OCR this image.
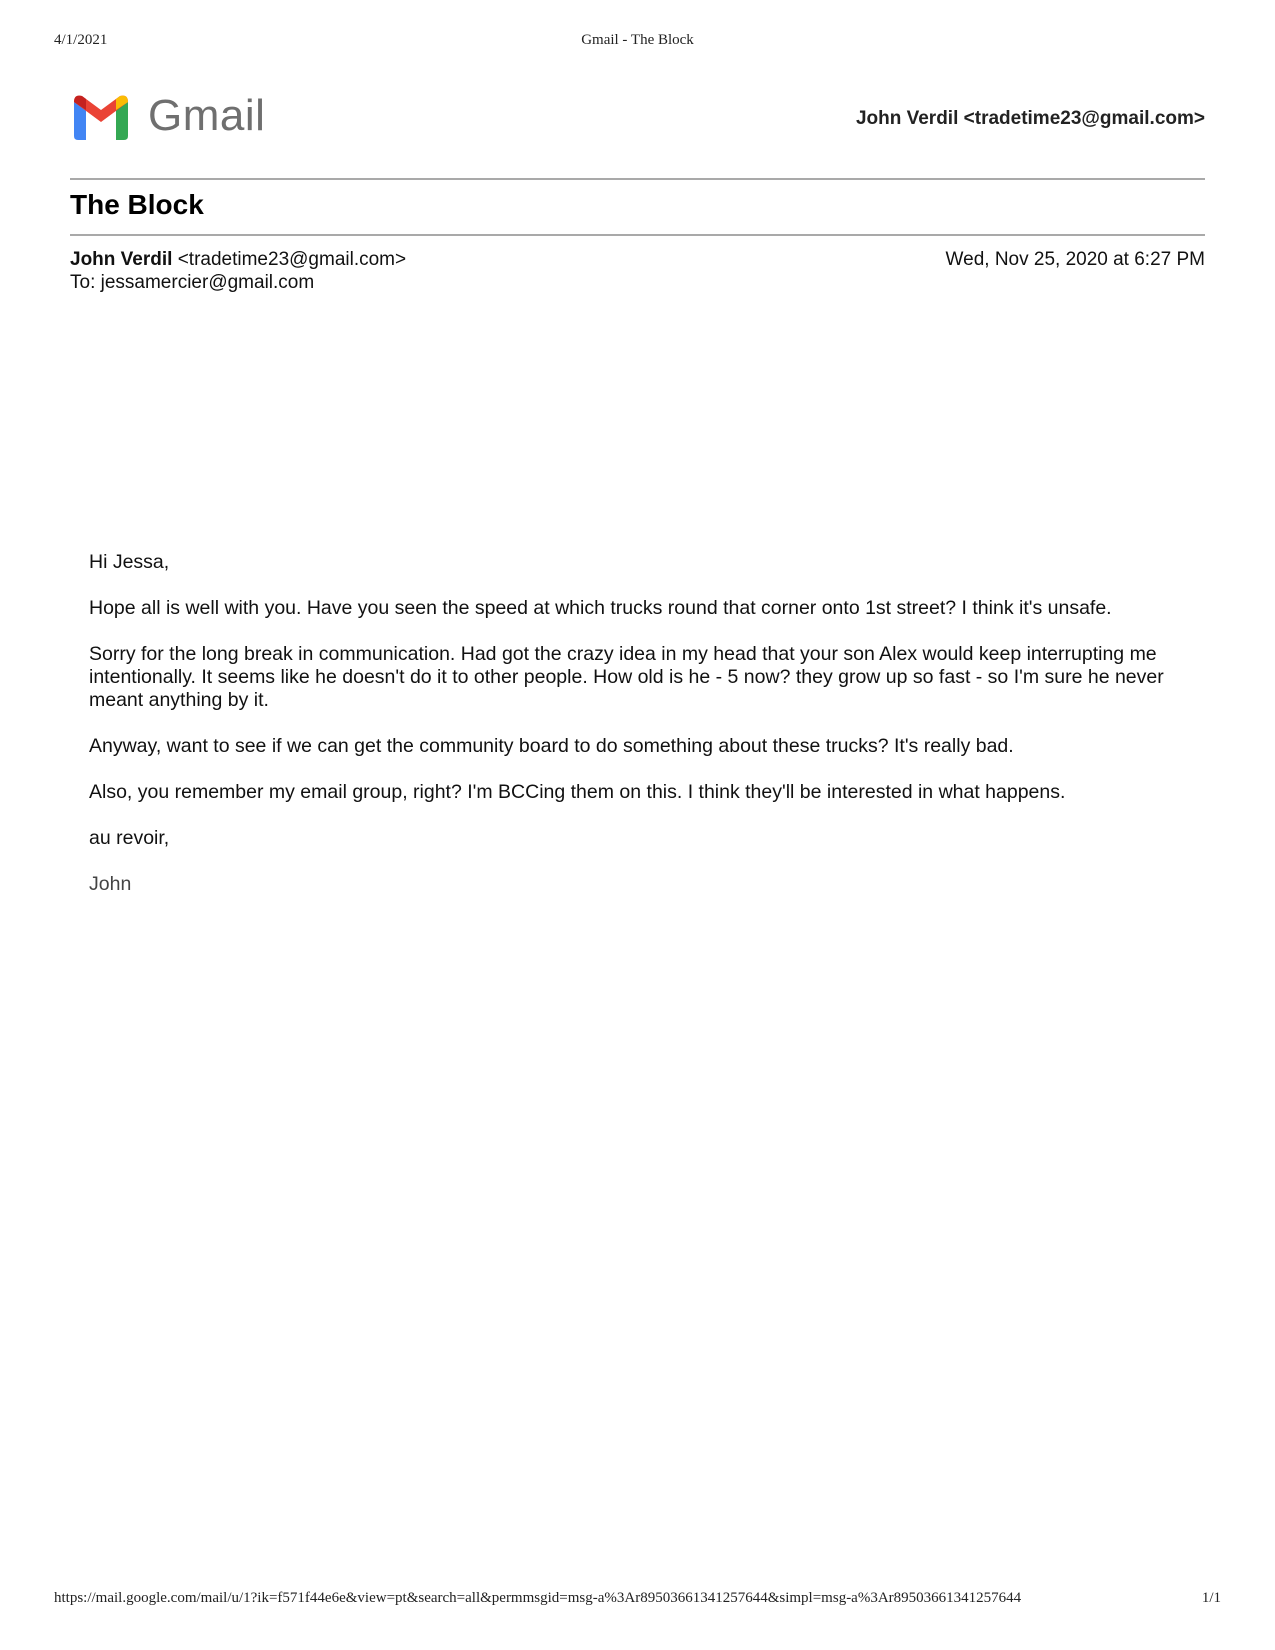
4/1/2021	Gmail - The Block
Gmail	John Verdil <tradetime23@gmail.com>
The Block
John Verdil <tradetime23@gmail.com>
To: jessamercier@gmail.com
Wed, Nov 25, 2020 at 6:27 PM

Hi Jessa,

Hope all is well with you. Have you seen the speed at which trucks round that corner onto 1st street? I think it's unsafe.

Sorry for the long break in communication. Had got the crazy idea in my head that your son Alex would keep interrupting me intentionally. It seems like he doesn't do it to other people. How old is he - 5 now? they grow up so fast - so I'm sure he never meant anything by it.

Anyway, want to see if we can get the community board to do something about these trucks? It's really bad.

Also, you remember my email group, right? I'm BCCing them on this. I think they'll be interested in what happens.

au revoir,

John

https://mail.google.com/mail/u/1?ik=f571f44e6e&view=pt&search=all&permmsgid=msg-a%3Ar89503661341257644&simpl=msg-a%3Ar89503661341257644	1/1
